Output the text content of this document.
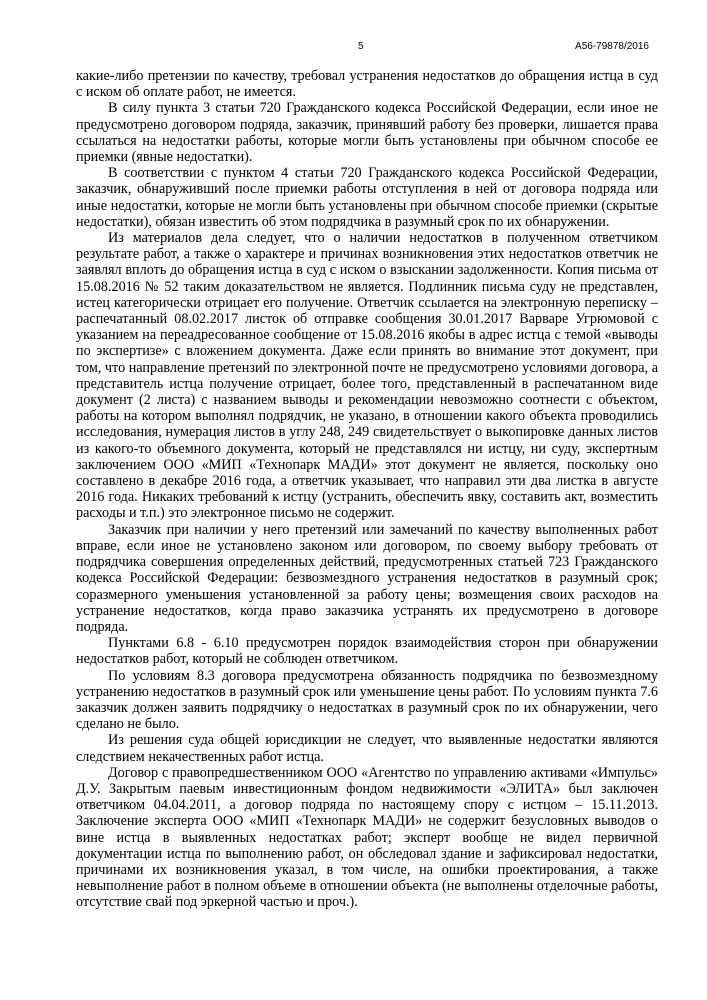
5	А56-79878/2016

какие-либо претензии по качеству, требовал устранения недостатков до обращения истца в суд с иском об оплате работ, не имеется.

В силу пункта 3 статьи 720 Гражданского кодекса Российской Федерации, если иное не предусмотрено договором подряда, заказчик, принявший работу без проверки, лишается права ссылаться на недостатки работы, которые могли быть установлены при обычном способе ее приемки (явные недостатки).

В соответствии с пунктом 4 статьи 720 Гражданского кодекса Российской Федерации, заказчик, обнаруживший после приемки работы отступления в ней от договора подряда или иные недостатки, которые не могли быть установлены при обычном способе приемки (скрытые недостатки), обязан известить об этом подрядчика в разумный срок по их обнаружении.

Из материалов дела следует, что о наличии недостатков в полученном ответчиком результате работ, а также о характере и причинах возникновения этих недостатков ответчик не заявлял вплоть до обращения истца в суд с иском о взыскании задолженности. Копия письма от 15.08.2016 № 52 таким доказательством не является. Подлинник письма суду не представлен, истец категорически отрицает его получение. Ответчик ссылается на электронную переписку – распечатанный 08.02.2017 листок об отправке сообщения 30.01.2017 Варваре Угрюмовой с указанием на переадресованное сообщение от 15.08.2016 якобы в адрес истца с темой «выводы по экспертизе» с вложением документа. Даже если принять во внимание этот документ, при том, что направление претензий по электронной почте не предусмотрено условиями договора, а представитель истца получение отрицает, более того, представленный в распечатанном виде документ (2 листа) с названием выводы и рекомендации невозможно соотнести с объектом, работы на котором выполнял подрядчик, не указано, в отношении какого объекта проводились исследования, нумерация листов в углу 248, 249 свидетельствует о выкопировке данных листов из какого-то объемного документа, который не представлялся ни истцу, ни суду, экспертным заключением ООО «МИП «Технопарк МАДИ» этот документ не является, поскольку оно составлено в декабре 2016 года, а ответчик указывает, что направил эти два листка в августе 2016 года. Никаких требований к истцу (устранить, обеспечить явку, составить акт, возместить расходы и т.п.) это электронное письмо не содержит.

Заказчик при наличии у него претензий или замечаний по качеству выполненных работ вправе, если иное не установлено законом или договором, по своему выбору требовать от подрядчика совершения определенных действий, предусмотренных статьей 723 Гражданского кодекса Российской Федерации: безвозмездного устранения недостатков в разумный срок; соразмерного уменьшения установленной за работу цены; возмещения своих расходов на устранение недостатков, когда право заказчика устранять их предусмотрено в договоре подряда.

Пунктами 6.8 - 6.10 предусмотрен порядок взаимодействия сторон при обнаружении недостатков работ, который не соблюден ответчиком.

По условиям 8.3 договора предусмотрена обязанность подрядчика по безвозмездному устранению недостатков в разумный срок или уменьшение цены работ. По условиям пункта 7.6 заказчик должен заявить подрядчику о недостатках в разумный срок по их обнаружении, чего сделано не было.

Из решения суда общей юрисдикции не следует, что выявленные недостатки являются следствием некачественных работ истца.

Договор с правопредшественником ООО «Агентство по управлению активами «Импульс» Д.У. Закрытым паевым инвестиционным фондом недвижимости «ЭЛИТА» был заключен ответчиком 04.04.2011, а договор подряда по настоящему спору с истцом – 15.11.2013. Заключение эксперта ООО «МИП «Технопарк МАДИ» не содержит безусловных выводов о вине истца в выявленных недостатках работ; эксперт вообще не видел первичной документации истца по выполнению работ, он обследовал здание и зафиксировал недостатки, причинами их возникновения указал, в том числе, на ошибки проектирования, а также невыполнение работ в полном объеме в отношении объекта (не выполнены отделочные работы, отсутствие свай под эркерной частью и проч.).
